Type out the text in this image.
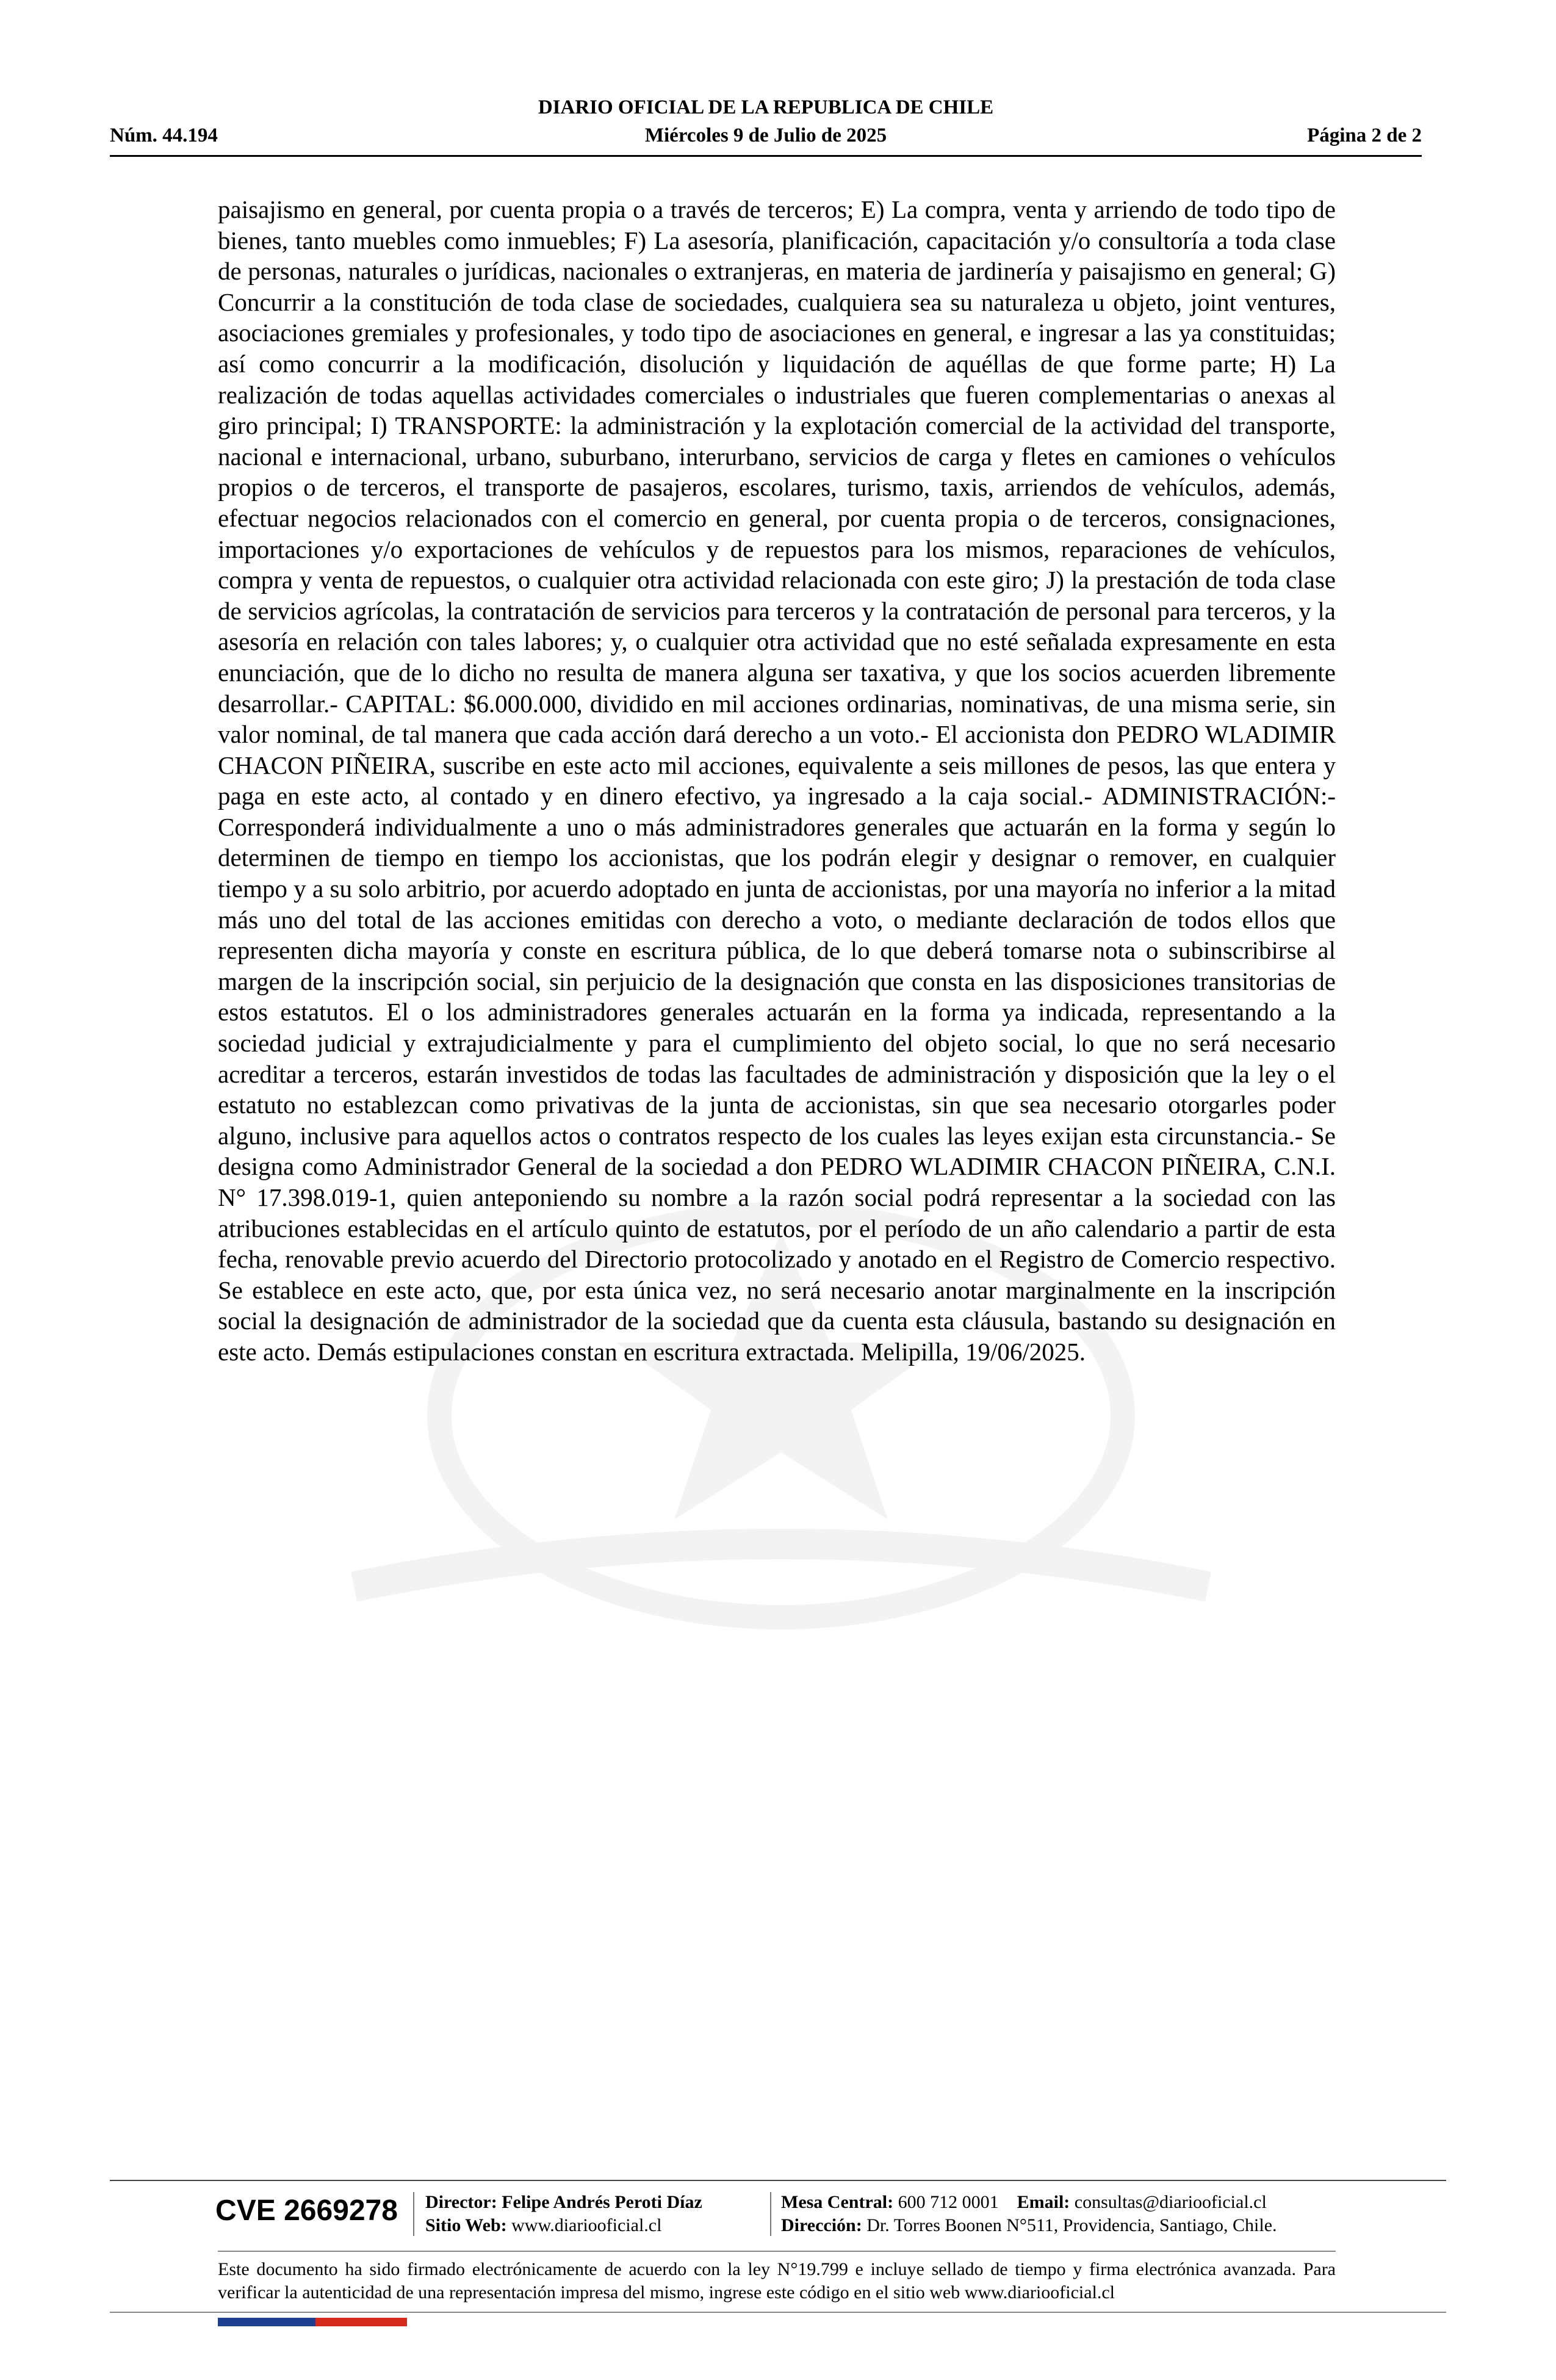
DIARIO OFICIAL DE LA REPUBLICA DE CHILE
Núm. 44.194	Miércoles 9 de Julio de 2025	Página 2 de 2
paisajismo en general, por cuenta propia o a través de terceros; E) La compra, venta y arriendo de todo tipo de bienes, tanto muebles como inmuebles; F) La asesoría, planificación, capacitación y/o consultoría a toda clase de personas, naturales o jurídicas, nacionales o extranjeras, en materia de jardinería y paisajismo en general; G) Concurrir a la constitución de toda clase de sociedades, cualquiera sea su naturaleza u objeto, joint ventures, asociaciones gremiales y profesionales, y todo tipo de asociaciones en general, e ingresar a las ya constituidas; así como concurrir a la modificación, disolución y liquidación de aquéllas de que forme parte; H) La realización de todas aquellas actividades comerciales o industriales que fueren complementarias o anexas al giro principal; I) TRANSPORTE: la administración y la explotación comercial de la actividad del transporte, nacional e internacional, urbano, suburbano, interurbano, servicios de carga y fletes en camiones o vehículos propios o de terceros, el transporte de pasajeros, escolares, turismo, taxis, arriendos de vehículos, además, efectuar negocios relacionados con el comercio en general, por cuenta propia o de terceros, consignaciones, importaciones y/o exportaciones de vehículos y de repuestos para los mismos, reparaciones de vehículos, compra y venta de repuestos, o cualquier otra actividad relacionada con este giro; J) la prestación de toda clase de servicios agrícolas, la contratación de servicios para terceros y la contratación de personal para terceros, y la asesoría en relación con tales labores; y, o cualquier otra actividad que no esté señalada expresamente en esta enunciación, que de lo dicho no resulta de manera alguna ser taxativa, y que los socios acuerden libremente desarrollar.- CAPITAL: $6.000.000, dividido en mil acciones ordinarias, nominativas, de una misma serie, sin valor nominal, de tal manera que cada acción dará derecho a un voto.- El accionista don PEDRO WLADIMIR CHACON PIÑEIRA, suscribe en este acto mil acciones, equivalente a seis millones de pesos, las que entera y paga en este acto, al contado y en dinero efectivo, ya ingresado a la caja social.- ADMINISTRACIÓN:- Corresponderá individualmente a uno o más administradores generales que actuarán en la forma y según lo determinen de tiempo en tiempo los accionistas, que los podrán elegir y designar o remover, en cualquier tiempo y a su solo arbitrio, por acuerdo adoptado en junta de accionistas, por una mayoría no inferior a la mitad más uno del total de las acciones emitidas con derecho a voto, o mediante declaración de todos ellos que representen dicha mayoría y conste en escritura pública, de lo que deberá tomarse nota o subinscribirse al margen de la inscripción social, sin perjuicio de la designación que consta en las disposiciones transitorias de estos estatutos. El o los administradores generales actuarán en la forma ya indicada, representando a la sociedad judicial y extrajudicialmente y para el cumplimiento del objeto social, lo que no será necesario acreditar a terceros, estarán investidos de todas las facultades de administración y disposición que la ley o el estatuto no establezcan como privativas de la junta de accionistas, sin que sea necesario otorgarles poder alguno, inclusive para aquellos actos o contratos respecto de los cuales las leyes exijan esta circunstancia.- Se designa como Administrador General de la sociedad a don PEDRO WLADIMIR CHACON PIÑEIRA, C.N.I. N° 17.398.019-1, quien anteponiendo su nombre a la razón social podrá representar a la sociedad con las atribuciones establecidas en el artículo quinto de estatutos, por el período de un año calendario a partir de esta fecha, renovable previo acuerdo del Directorio protocolizado y anotado en el Registro de Comercio respectivo. Se establece en este acto, que, por esta única vez, no será necesario anotar marginalmente en la inscripción social la designación de administrador de la sociedad que da cuenta esta cláusula, bastando su designación en este acto. Demás estipulaciones constan en escritura extractada. Melipilla, 19/06/2025.
CVE 2669278	Director: Felipe Andrés Peroti Díaz
Sitio Web: www.diariooficial.cl
Mesa Central: 600 712 0001 Email: consultas@diariooficial.cl
Dirección: Dr. Torres Boonen N°511, Providencia, Santiago, Chile.
Este documento ha sido firmado electrónicamente de acuerdo con la ley N°19.799 e incluye sellado de tiempo y firma electrónica avanzada. Para verificar la autenticidad de una representación impresa del mismo, ingrese este código en el sitio web www.diariooficial.cl
